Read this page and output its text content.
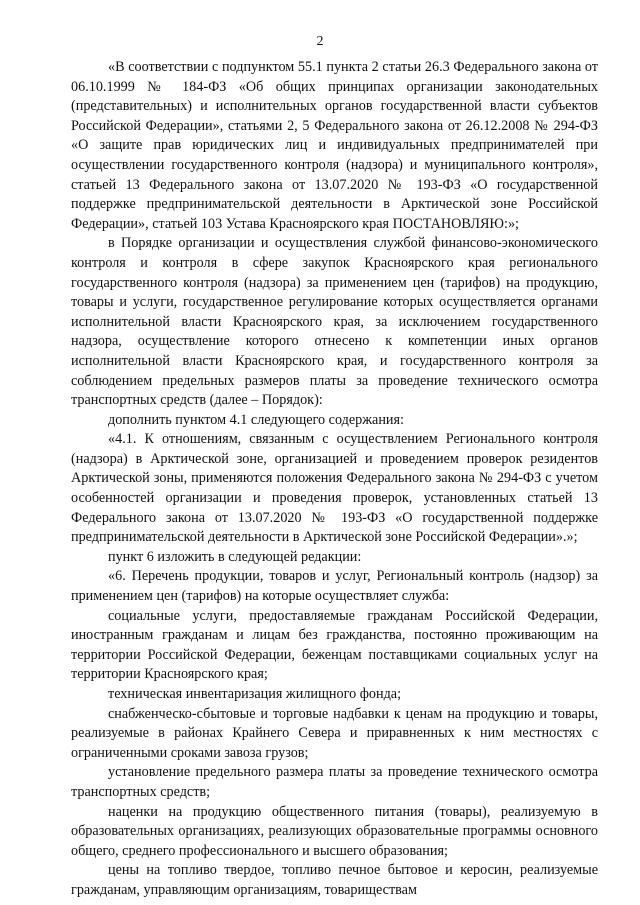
2

«В соответствии с подпунктом 55.1 пункта 2 статьи 26.3 Федерального закона от 06.10.1999 № 184-ФЗ «Об общих принципах организации законодательных (представительных) и исполнительных органов государственной власти субъектов Российской Федерации», статьями 2, 5 Федерального закона от 26.12.2008 № 294-ФЗ «О защите прав юридических лиц и индивидуальных предпринимателей при осуществлении государственного контроля (надзора) и муниципального контроля», статьей 13 Федерального закона от 13.07.2020 № 193-ФЗ «О государственной поддержке предпринимательской деятельности в Арктической зоне Российской Федерации», статьей 103 Устава Красноярского края ПОСТАНОВЛЯЮ:»;

в Порядке организации и осуществления службой финансово-экономического контроля и контроля в сфере закупок Красноярского края регионального государственного контроля (надзора) за применением цен (тарифов) на продукцию, товары и услуги, государственное регулирование которых осуществляется органами исполнительной власти Красноярского края, за исключением государственного надзора, осуществление которого отнесено к компетенции иных органов исполнительной власти Красноярского края, и государственного контроля за соблюдением предельных размеров платы за проведение технического осмотра транспортных средств (далее – Порядок):

дополнить пунктом 4.1 следующего содержания:

«4.1. К отношениям, связанным с осуществлением Регионального контроля (надзора) в Арктической зоне, организацией и проведением проверок резидентов Арктической зоны, применяются положения Федерального закона № 294-ФЗ с учетом особенностей организации и проведения проверок, установленных статьей 13 Федерального закона от 13.07.2020 № 193-ФЗ «О государственной поддержке предпринимательской деятельности в Арктической зоне Российской Федерации».»;

пункт 6 изложить в следующей редакции:

«6. Перечень продукции, товаров и услуг, Региональный контроль (надзор) за применением цен (тарифов) на которые осуществляет служба:

социальные услуги, предоставляемые гражданам Российской Федерации, иностранным гражданам и лицам без гражданства, постоянно проживающим на территории Российской Федерации, беженцам поставщиками социальных услуг на территории Красноярского края;

техническая инвентаризация жилищного фонда;

снабженческо-сбытовые и торговые надбавки к ценам на продукцию и товары, реализуемые в районах Крайнего Севера и приравненных к ним местностях с ограниченными сроками завоза грузов;

установление предельного размера платы за проведение технического осмотра транспортных средств;

наценки на продукцию общественного питания (товары), реализуемую в образовательных организациях, реализующих образовательные программы основного общего, среднего профессионального и высшего образования;

цены на топливо твердое, топливо печное бытовое и керосин, реализуемые гражданам, управляющим организациям, товариществам
